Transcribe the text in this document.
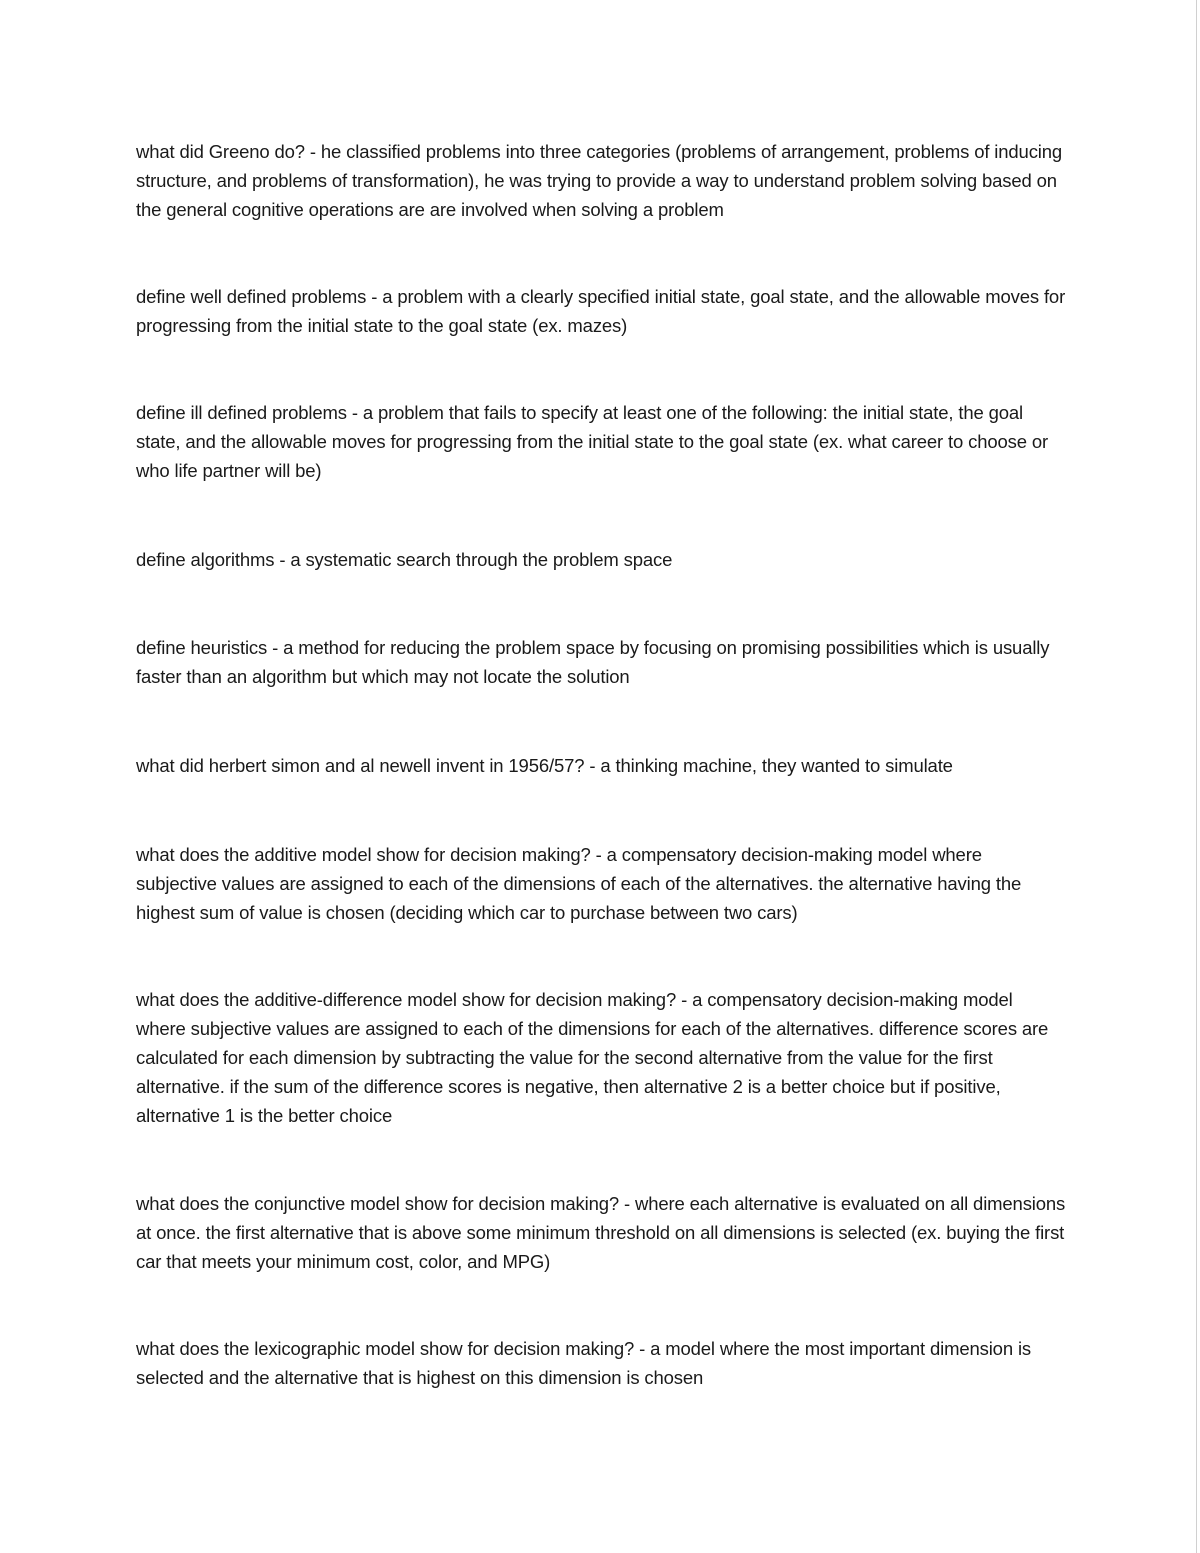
what did Greeno do? - he classified problems into three categories (problems of arrangement, problems of inducing structure, and problems of transformation), he was trying to provide a way to understand problem solving based on the general cognitive operations are are involved when solving a problem

define well defined problems - a problem with a clearly specified initial state, goal state, and the allowable moves for progressing from the initial state to the goal state (ex. mazes)

define ill defined problems - a problem that fails to specify at least one of the following: the initial state, the goal state, and the allowable moves for progressing from the initial state to the goal state (ex. what career to choose or who life partner will be)

define algorithms - a systematic search through the problem space

define heuristics - a method for reducing the problem space by focusing on promising possibilities which is usually faster than an algorithm but which may not locate the solution

what did herbert simon and al newell invent in 1956/57? - a thinking machine, they wanted to simulate

what does the additive model show for decision making? - a compensatory decision-making model where subjective values are assigned to each of the dimensions of each of the alternatives. the alternative having the highest sum of value is chosen (deciding which car to purchase between two cars)

what does the additive-difference model show for decision making? - a compensatory decision-making model where subjective values are assigned to each of the dimensions for each of the alternatives. difference scores are calculated for each dimension by subtracting the value for the second alternative from the value for the first alternative. if the sum of the difference scores is negative, then alternative 2 is a better choice but if positive, alternative 1 is the better choice

what does the conjunctive model show for decision making? - where each alternative is evaluated on all dimensions at once. the first alternative that is above some minimum threshold on all dimensions is selected (ex. buying the first car that meets your minimum cost, color, and MPG)

what does the lexicographic model show for decision making? - a model where the most important dimension is selected and the alternative that is highest on this dimension is chosen
